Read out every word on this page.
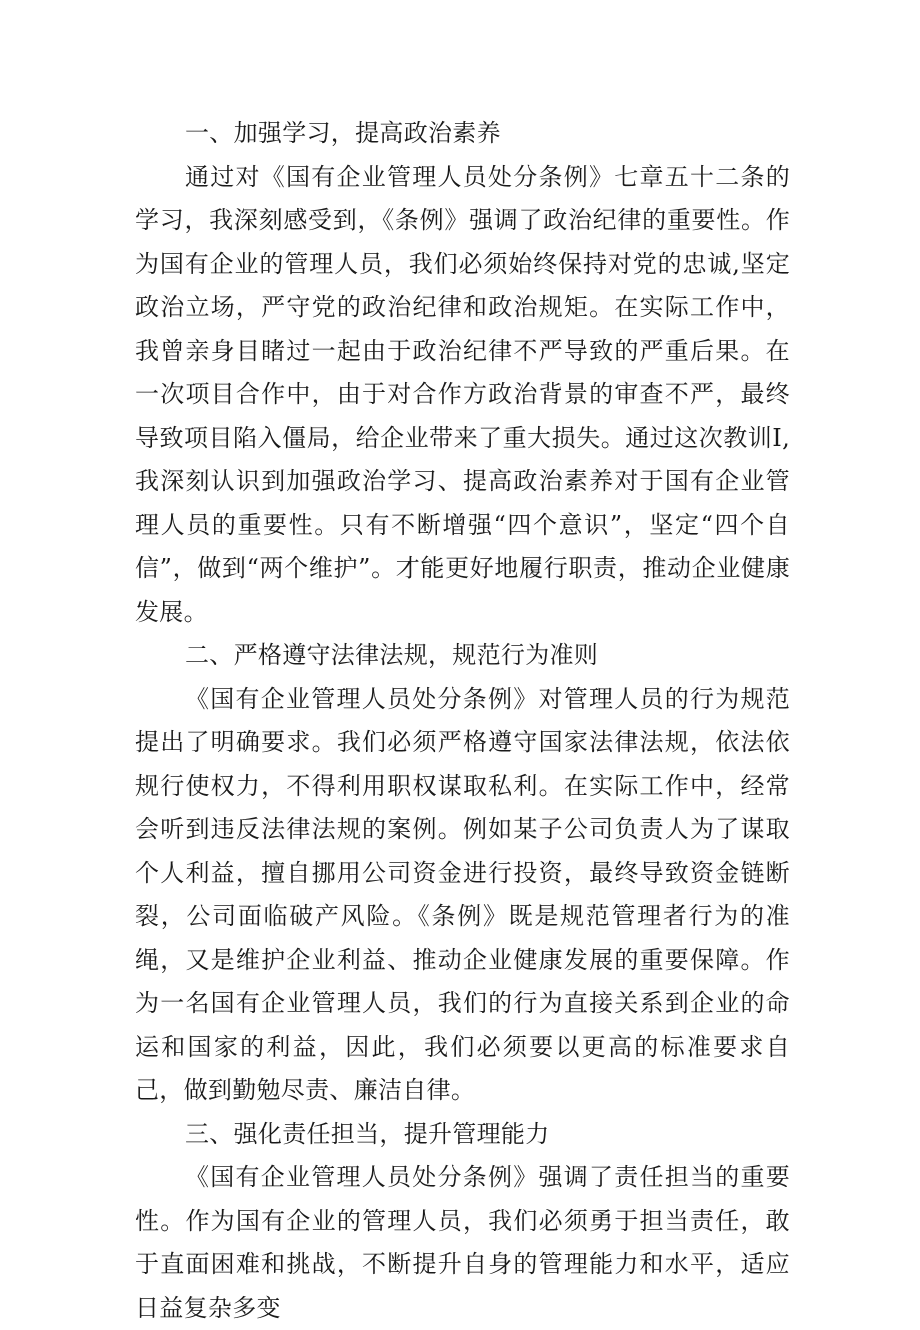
一、加强学习，提高政治素养

通过对《国有企业管理人员处分条例》七章五十二条的学习，我深刻感受到，《条例》强调了政治纪律的重要性。作为国有企业的管理人员，我们必须始终保持对党的忠诚,坚定政治立场，严守党的政治纪律和政治规矩。在实际工作中，我曾亲身目睹过一起由于政治纪律不严导致的严重后果。在一次项目合作中，由于对合作方政治背景的审查不严，最终导致项目陷入僵局，给企业带来了重大损失。通过这次教训I,我深刻认识到加强政治学习、提高政治素养对于国有企业管理人员的重要性。只有不断增强“四个意识”，坚定“四个自信”，做到“两个维护”。才能更好地履行职责，推动企业健康发展。

二、严格遵守法律法规，规范行为准则

《国有企业管理人员处分条例》对管理人员的行为规范提出了明确要求。我们必须严格遵守国家法律法规，依法依规行使权力，不得利用职权谋取私利。在实际工作中，经常会听到违反法律法规的案例。例如某子公司负责人为了谋取个人利益，擅自挪用公司资金进行投资，最终导致资金链断裂，公司面临破产风险。《条例》既是规范管理者行为的准绳，又是维护企业利益、推动企业健康发展的重要保障。作为一名国有企业管理人员，我们的行为直接关系到企业的命运和国家的利益，因此，我们必须要以更高的标准要求自己，做到勤勉尽责、廉洁自律。

三、强化责任担当，提升管理能力

《国有企业管理人员处分条例》强调了责任担当的重要性。作为国有企业的管理人员，我们必须勇于担当责任，敢于直面困难和挑战，不断提升自身的管理能力和水平，适应日益复杂多变
